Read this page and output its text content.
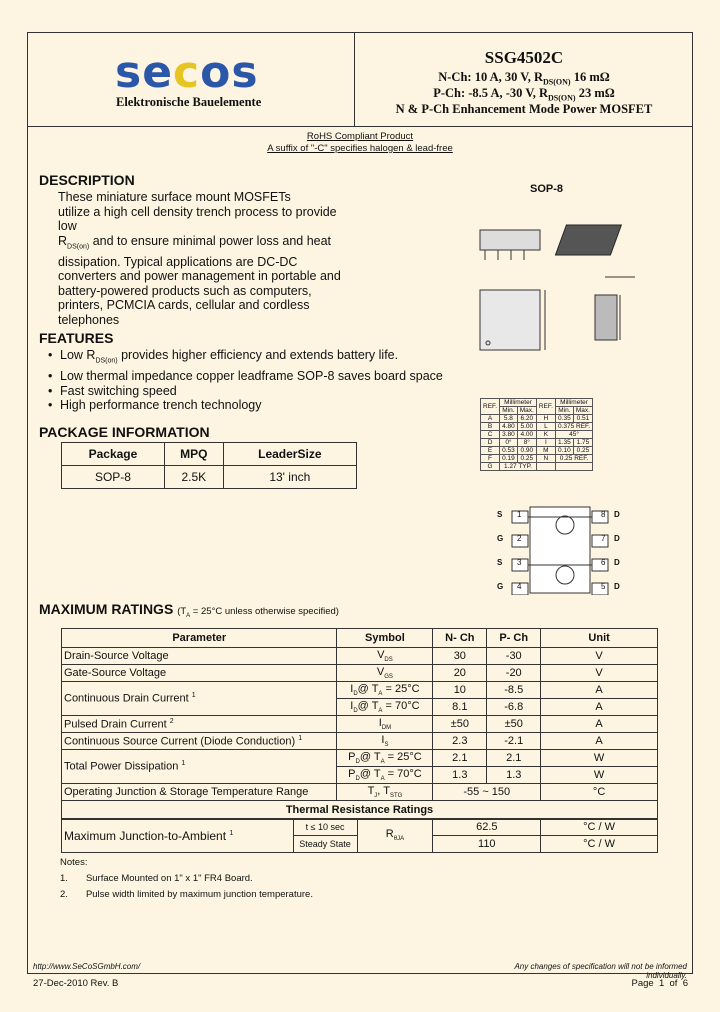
secos
Elektronische Bauelemente
SSG4502C
N-Ch: 10 A, 30 V, $R_{DS(ON)}$ 16 mΩ
P-Ch: -8.5 A, -30 V, $R_{DS(ON)}$ 23 mΩ
N & P-Ch Enhancement Mode Power MOSFET
RoHS Compliant Product
A suffix of "-C" specifies halogen & lead-free
DESCRIPTION

These miniature surface mount MOSFETs

utilize a high cell density trench process to provide low

$R_{DS(on)}$ and to ensure minimal power loss and heat

dissipation. Typical applications are DC-DC

converters and power management in portable and

battery-powered products such as computers,

printers, PCMCIA cards, cellular and cordless

telephones

FEATURES
• Low $R_{DS(on)}$ provides higher efficiency and extends battery life.
• Low thermal impedance copper leadframe SOP-8 saves board space
• Fast switching speed
• High performance trench technology
PACKAGE INFORMATION
Package	MPQ	LeaderSize
SOP-8	2.5K	13' inch
SOP-8
REF.	Millimeter		REF.	Millimeter	
	Min.	Max.		Min.	Max.
A	5.8	6.20	H	0.35	0.51
B	4.80	5.00	L	0.375 REF.	
C	3.80	4.00	K	45°	
D	0°	8°	I	1.35	1.75
E	0.53	0.90	M	0.10	0.25
F	0.19	0.25	N	0.25 REF.	
G	1.27 TYP.				
S
G
S
G
1
2
3
4
8
7
6
5
D
D
D
D
MAXIMUM RATINGS ($T_A = 25^\circ C$ unless otherwise specified)
Parameter	Symbol	N- Ch	P- Ch	Unit
Drain-Source Voltage	$V_{DS}$	30	-30	V
Gate-Source Voltage	$V_{GS}$	20	-20	V
Continuous Drain Current $^1$	$I_D@$ $T_A = 25^\circ C$	10	-8.5	A
	$I_D@$ $T_A = 70^\circ C$	8.1	-6.8	A
Pulsed Drain Current $^2$	$I_{DM}$	±50	±50	A
Continuous Source Current (Diode Conduction) $^1$	$I_S$	2.3	-2.1	A
Total Power Dissipation $^1$	$P_D@$ $T_A = 25^\circ C$	2.1	2.1	W
	$P_D@$ $T_A = 70^\circ C$	1.3	1.3	W
Operating Junction & Storage Temperature Range	$T_J$, $T_{STG}$	-55 ~ 150		°C
Thermal Resistance Ratings				
Maximum Junction-to-Ambient $^1$	t ≤ 10 sec	$R_{\theta JA}$	62.5	°C / W
	Steady State		110	°C / W
Notes:
1. Surface Mounted on 1" x 1" FR4 Board.
2. Pulse width limited by maximum junction temperature.
http://www.SeCoSGmbH.com/	Any changes of specification will not be informed individually.
27-Dec-2010 Rev. B	Page  1  of  6
